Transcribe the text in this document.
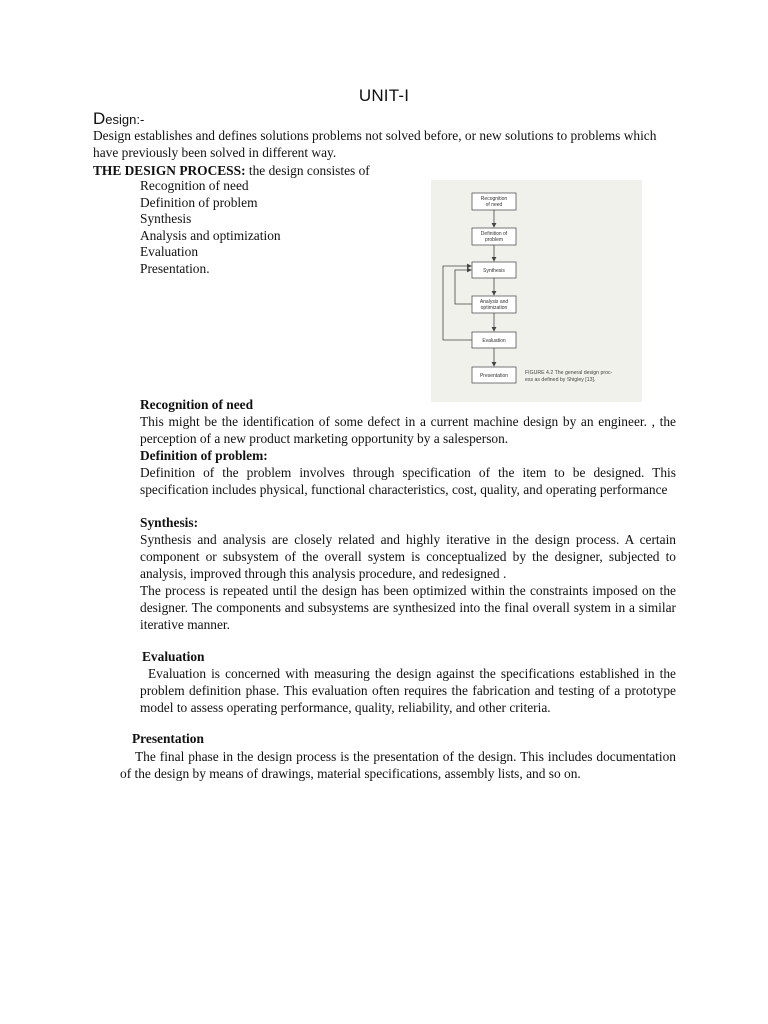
UNIT-I
Design:-
Design establishes and defines solutions problems not solved before, or new solutions to problems which have previously been solved in different way.
THE DESIGN PROCESS: the design consistes of
Recognition of need
Definition of problem
Synthesis
Analysis and optimization
Evaluation
Presentation.
Recognition
of need
Definition of
problem
Synthesis
Analysis and
optimization
Evaluation
Presentation	FIGURE 4.2 The general design proc-
ess as defined by Shigley [13].
Recognition of need

This might be the identification of some defect in a current machine design by an engineer. , the perception of a new product marketing opportunity by a salesperson.

Definition of problem:

Definition of the problem involves through specification of the item to be designed. This specification includes physical, functional characteristics, cost, quality, and operating performance

Synthesis:

Synthesis and analysis are closely related and highly iterative in the design process. A certain component or subsystem of the overall system is conceptualized by the designer, subjected to analysis, improved through this analysis procedure, and redesigned .

The process is repeated until the design has been optimized within the constraints imposed on the designer. The components and subsystems are synthesized into the final overall system in a similar iterative manner.

Evaluation

Evaluation is concerned with measuring the design against the specifications established in the problem definition phase. This evaluation often requires the fabrication and testing of a prototype model to assess operating performance, quality, reliability, and other criteria.

Presentation

The final phase in the design process is the presentation of the design. This includes documentation of the design by means of drawings, material specifications, assembly lists, and so on.
